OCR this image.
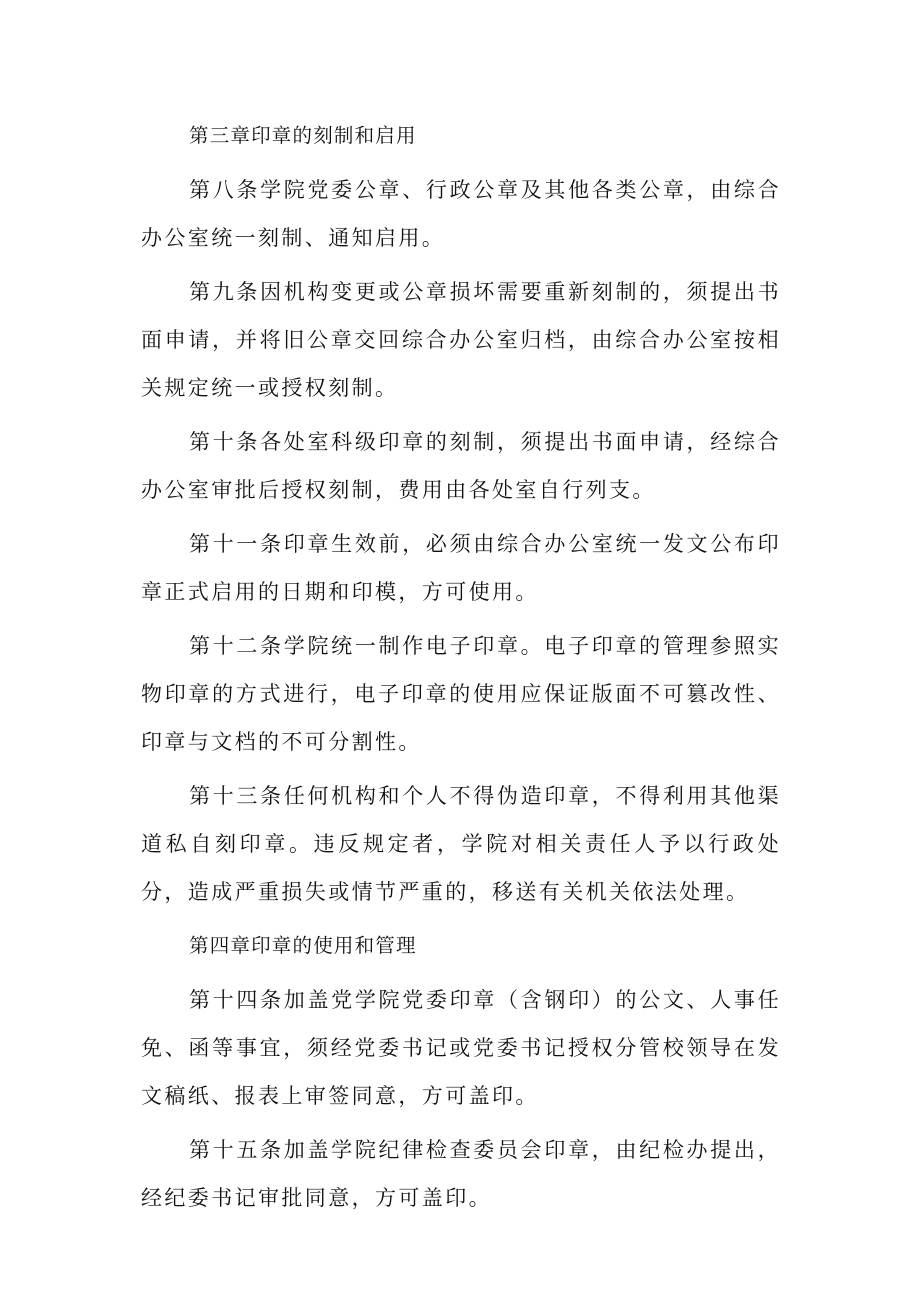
第三章印章的刻制和启用

第八条学院党委公章、行政公章及其他各类公章，由综合办公室统一刻制、通知启用。

第九条因机构变更或公章损坏需要重新刻制的，须提出书面申请，并将旧公章交回综合办公室归档，由综合办公室按相关规定统一或授权刻制。

第十条各处室科级印章的刻制，须提出书面申请，经综合办公室审批后授权刻制，费用由各处室自行列支。

第十一条印章生效前，必须由综合办公室统一发文公布印章正式启用的日期和印模，方可使用。

第十二条学院统一制作电子印章。电子印章的管理参照实物印章的方式进行，电子印章的使用应保证版面不可篡改性、印章与文档的不可分割性。

第十三条任何机构和个人不得伪造印章，不得利用其他渠道私自刻印章。违反规定者，学院对相关责任人予以行政处分，造成严重损失或情节严重的，移送有关机关依法处理。

第四章印章的使用和管理

第十四条加盖党学院党委印章（含钢印）的公文、人事任免、函等事宜，须经党委书记或党委书记授权分管校领导在发文稿纸、报表上审签同意，方可盖印。

第十五条加盖学院纪律检查委员会印章，由纪检办提出，经纪委书记审批同意，方可盖印。
